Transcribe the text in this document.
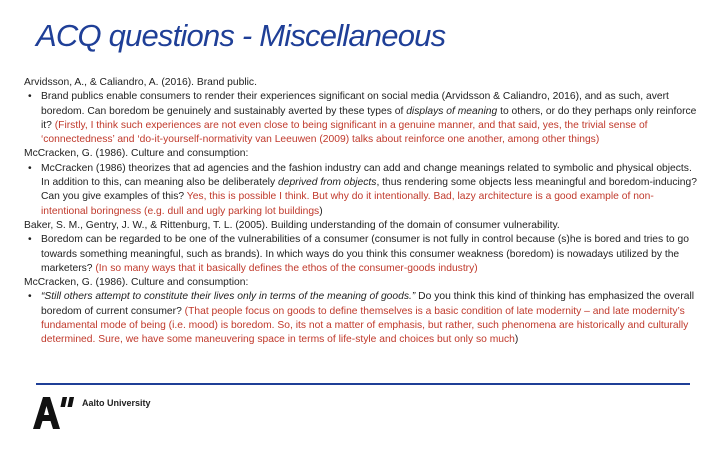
ACQ questions - Miscellaneous

Arvidsson, A., & Caliandro, A. (2016). Brand public.

• Brand publics enable consumers to render their experiences significant on social media (Arvidsson & Caliandro, 2016), and as such, avert boredom. Can boredom be genuinely and sustainably averted by these types of displays of meaning to others, or do they perhaps only reinforce it? (Firstly, I think such experiences are not even close to being significant in a genuine manner, and that said, yes, the trivial sense of ‘connectedness’ and ‘do-it-yourself-normativity van Leeuwen (2009) talks about reinforce one another, among other things)

McCracken, G. (1986). Culture and consumption:

• McCracken (1986) theorizes that ad agencies and the fashion industry can add and change meanings related to symbolic and physical objects. In addition to this, can meaning also be deliberately deprived from objects, thus rendering some objects less meaningful and boredom-inducing? Can you give examples of this? Yes, this is possible I think. But why do it intentionally. Bad, lazy architecture is a good example of non-intentional boringness (e.g. dull and ugly parking lot buildings)

Baker, S. M., Gentry, J. W., & Rittenburg, T. L. (2005). Building understanding of the domain of consumer vulnerability.

• Boredom can be regarded to be one of the vulnerabilities of a consumer (consumer is not fully in control because (s)he is bored and tries to go towards something meaningful, such as brands). In which ways do you think this consumer weakness (boredom) is nowadays utilized by the marketers? (In so many ways that it basically defines the ethos of the consumer-goods industry)

McCracken, G. (1986). Culture and consumption:

• “Still others attempt to constitute their lives only in terms of the meaning of goods.” Do you think this kind of thinking has emphasized the overall boredom of current consumer? (That people focus on goods to define themselves is a basic condition of late modernity – and late modernity’s fundamental mode of being (i.e. mood) is boredom. So, its not a matter of emphasis, but rather, such phenomena are historically and culturally determined. Sure, we have some maneuvering space in terms of life-style and choices but only so much)

Aalto University
